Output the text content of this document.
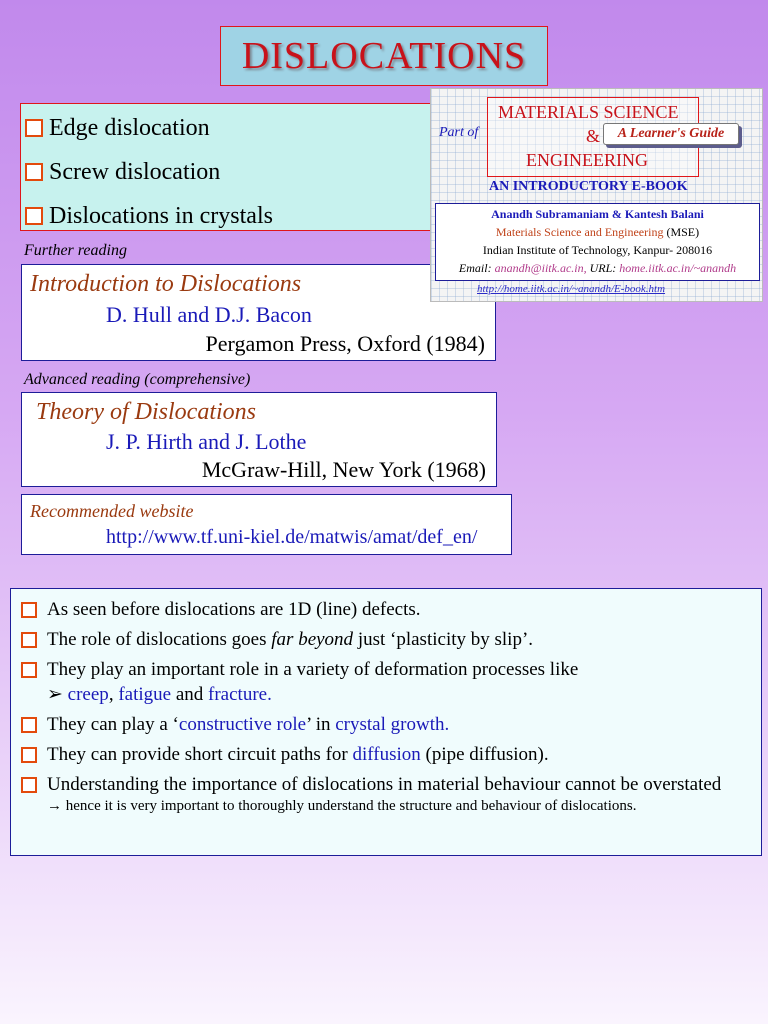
DISLOCATIONS
Edge dislocation
Screw dislocation
Dislocations in crystals
Further reading
Introduction to Dislocations
D. Hull and D.J. Bacon
Pergamon Press, Oxford (1984)
Advanced reading (comprehensive)
Theory of Dislocations
J. P. Hirth and J. Lothe
McGraw-Hill, New York (1968)
Recommended website
http://www.tf.uni-kiel.de/matwis/amat/def_en/
Part of
MATERIALS SCIENCE
&
ENGINEERING
A Learner's Guide
AN INTRODUCTORY E-BOOK
Anandh Subramaniam & Kantesh Balani
Materials Science and Engineering (MSE)
Indian Institute of Technology, Kanpur- 208016
Email: anandh@iitk.ac.in, URL: home.iitk.ac.in/~anandh
http://home.iitk.ac.in/~anandh/E-book.htm
As seen before dislocations are 1D (line) defects.
The role of dislocations goes far beyond just ‘plasticity by slip’.
They play an important role in a variety of deformation processes like
➢ creep, fatigue and fracture.
They can play a ‘constructive role’ in crystal growth.
They can provide short circuit paths for diffusion (pipe diffusion).
Understanding the importance of dislocations in material behaviour cannot be overstated
→ hence it is very important to thoroughly understand the structure and behaviour of dislocations.
